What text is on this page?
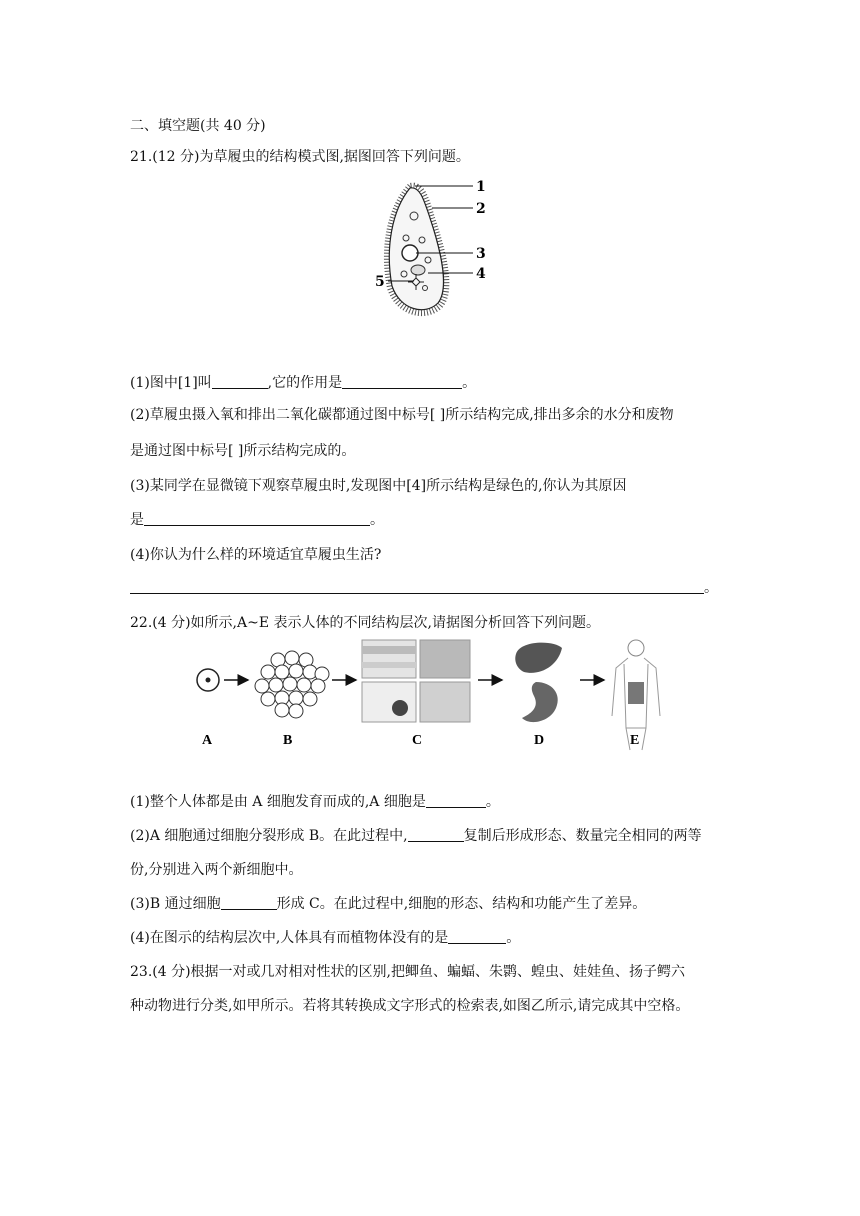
二、填空题(共 40 分)
21.(12 分)为草履虫的结构模式图,据图回答下列问题。
1
2
3
4
5
(1)图中[1]叫	,它的作用是	。
(2)草履虫摄入氧和排出二氧化碳都通过图中标号[ ]所示结构完成,排出多余的水分和废物
是通过图中标号[ ]所示结构完成的。
(3)某同学在显微镜下观察草履虫时,发现图中[4]所示结构是绿色的,你认为其原因
是	。
(4)你认为什么样的环境适宜草履虫生活?
。
22.(4 分)如所示,A~E 表示人体的不同结构层次,请据图分析回答下列问题。
A	B	C	D	E
(1)整个人体都是由 A 细胞发育而成的,A 细胞是	。
(2)A 细胞通过细胞分裂形成 B。在此过程中,	复制后形成形态、数量完全相同的两等
份,分别进入两个新细胞中。
(3)B 通过细胞	形成 C。在此过程中,细胞的形态、结构和功能产生了差异。
(4)在图示的结构层次中,人体具有而植物体没有的是	。
23.(4 分)根据一对或几对相对性状的区别,把鲫鱼、蝙蝠、朱鹮、蝗虫、娃娃鱼、扬子鳄六
种动物进行分类,如甲所示。若将其转换成文字形式的检索表,如图乙所示,请完成其中空格。
